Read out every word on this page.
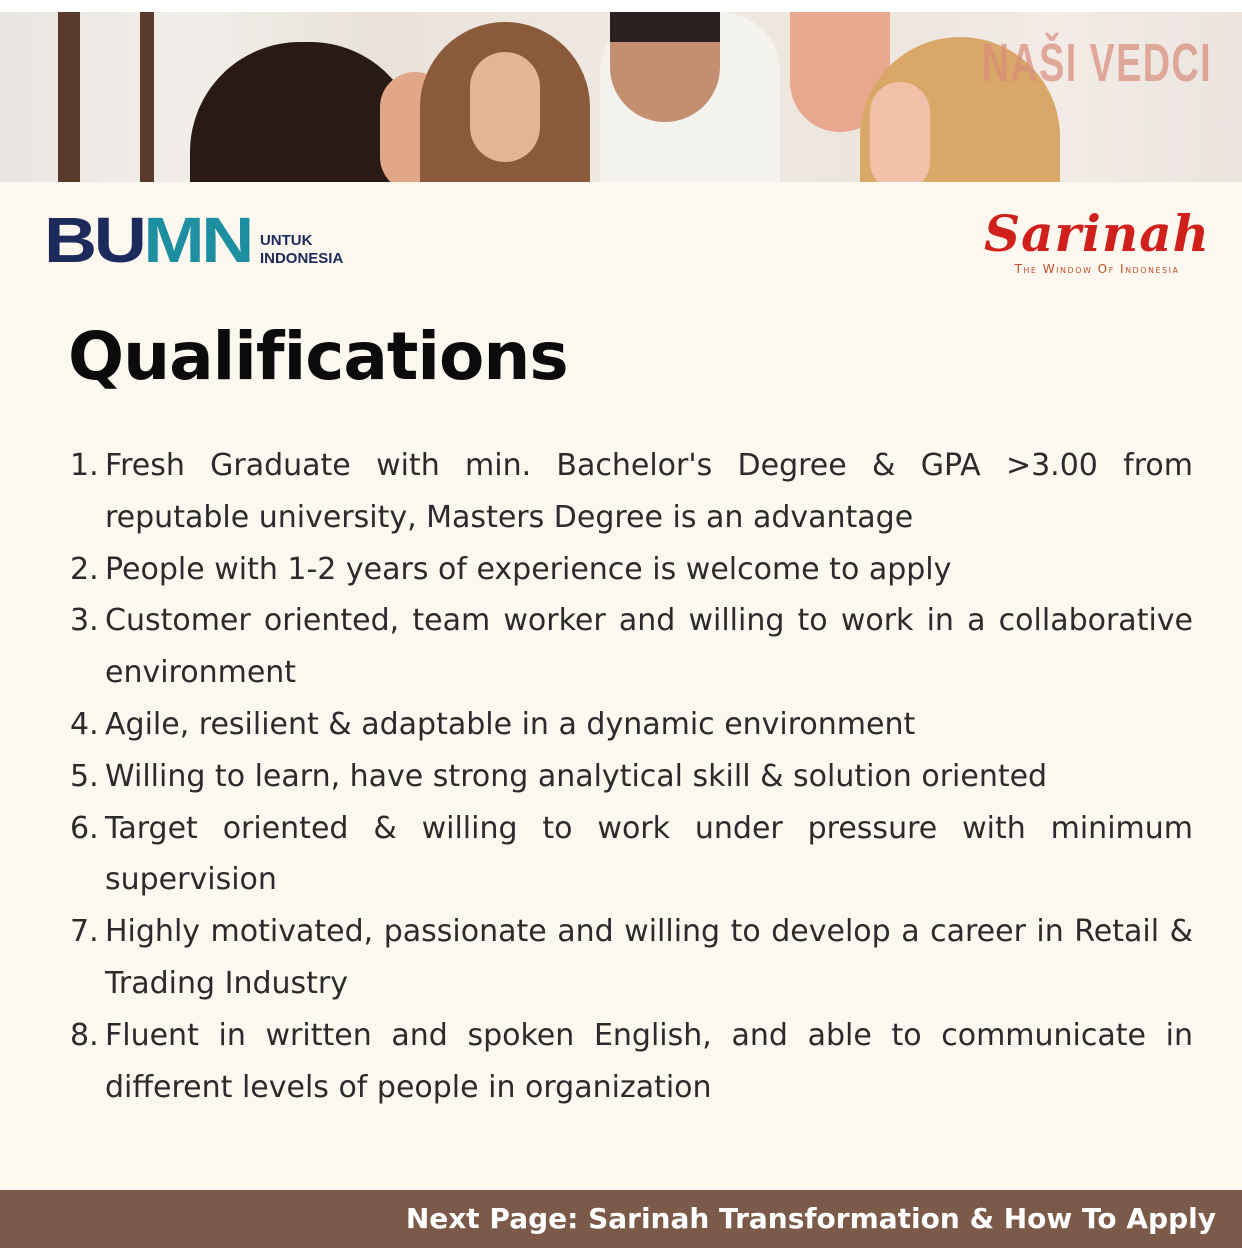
NAŠI VEDCI
BUMN UNTUK
INDONESIA	Sarinah
The Window Of Indonesia
Qualifications
1. Fresh Graduate with min. Bachelor's Degree & GPA >3.00 from reputable university, Masters Degree is an advantage
2. People with 1-2 years of experience is welcome to apply
3. Customer oriented, team worker and willing to work in a collaborative environment
4. Agile, resilient & adaptable in a dynamic environment
5. Willing to learn, have strong analytical skill & solution oriented
6. Target oriented & willing to work under pressure with minimum supervision
7. Highly motivated, passionate and willing to develop a career in Retail & Trading Industry
8. Fluent in written and spoken English, and able to communicate in different levels of people in organization
Next Page: Sarinah Transformation & How To Apply
